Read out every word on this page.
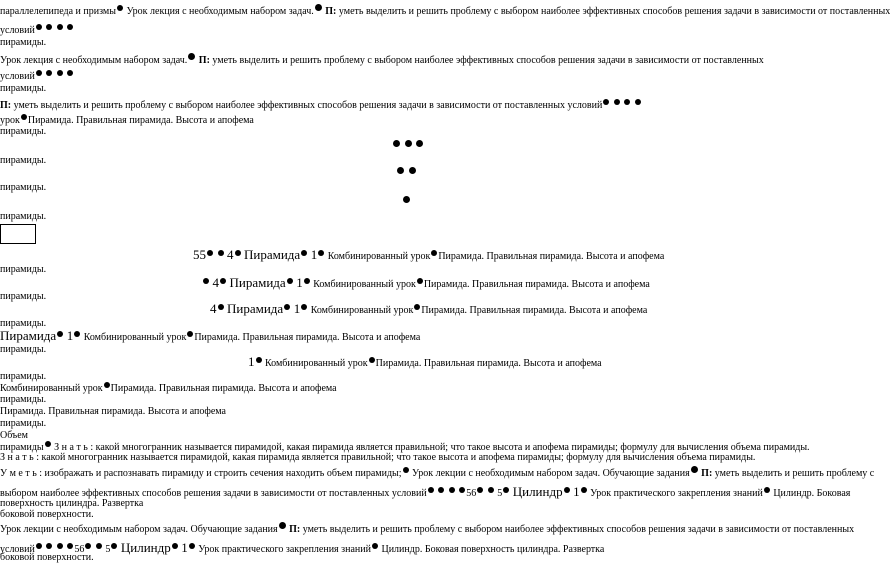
параллелепипеда и призмы Урок лекция с необходимым набором задач. П: уметь выделить и решить проблему с выбором наиболее эффективных способов решения задачи в зависимости от поставленных
условий
пирамиды.
Урок лекция с необходимым набором задач. П: уметь выделить и решить проблему с выбором наиболее эффективных способов решения задачи в зависимости от поставленных
условий
пирамиды.
П: уметь выделить и решить проблему с выбором наиболее эффективных способов решения задачи в зависимости от поставленных условий
урок Пирамида. Правильная пирамида. Высота и апофема
пирамиды.

пирамиды.

пирамиды.
пирамиды.
55 4 Пирамида 1 Комбинированный урок Пирамида. Правильная пирамида. Высота и апофема
пирамиды.
4 Пирамида 1 Комбинированный урок Пирамида. Правильная пирамида. Высота и апофема
пирамиды.
4 Пирамида 1 Комбинированный урок Пирамида. Правильная пирамида. Высота и апофема
пирамиды.
Пирамида 1 Комбинированный урок Пирамида. Правильная пирамида. Высота и апофема
пирамиды.
1 Комбинированный урок Пирамида. Правильная пирамида. Высота и апофема
пирамиды.
Комбинированный урок Пирамида. Правильная пирамида. Высота и апофема
пирамиды.
Пирамида. Правильная пирамида. Высота и апофема
пирамиды.
Объем
пирамиды З н а т ь : какой многогранник называется пирамидой, какая пирамида является правильной; что такое высота и апофема пирамиды; формулу для вычисления объема пирамиды.
З н а т ь : какой многогранник называется пирамидой, какая пирамида является правильной; что такое высота и апофема пирамиды; формулу для вычисления объема пирамиды.
У м е т ь : изображать и распознавать пирамиду и строить сечения находить объем пирамиды; Урок лекции с необходимым набором задач. Обучающие задания П: уметь выделить и решить проблему с
выбором наиболее эффективных способов решения задачи в зависимости от поставленных условий	56 5 Цилиндр 1 Урок практического закрепления знаний Цилиндр. Боковая
поверхность цилиндра. Развертка
боковой поверхности.
Урок лекции с необходимым набором задач. Обучающие задания П: уметь выделить и решить проблему с выбором наиболее эффективных способов решения задачи в зависимости от поставленных
условий	56 5 Цилиндр 1 Урок практического закрепления знаний Цилиндр. Боковая поверхность цилиндра. Развертка
боковой поверхности.
